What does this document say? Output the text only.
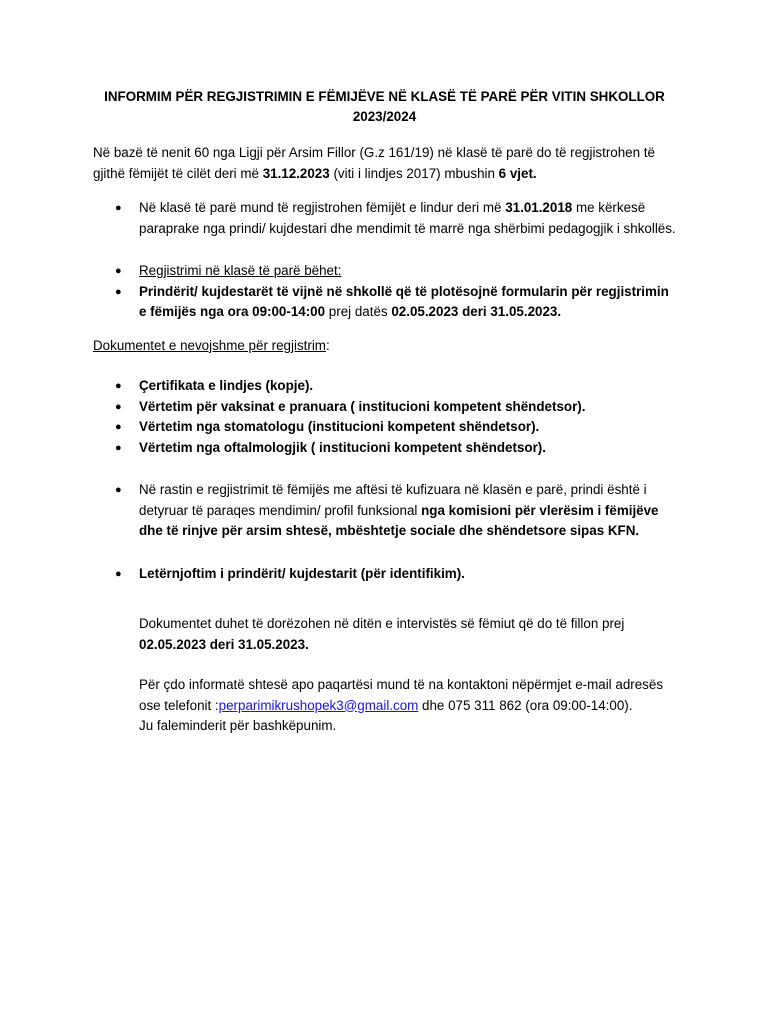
INFORMIM PËR REGJISTRIMIN E FËMIJËVE NË KLASË TË PARË PËR VITIN SHKOLLOR
2023/2024

Në bazë të nenit 60 nga Ligji për Arsim Fillor (G.z 161/19) në klasë të parë do të regjistrohen të gjithë fëmijët të cilët deri më 31.12.2023 (viti i lindjes 2017) mbushin 6 vjet.

● Në klasë të parë mund të regjistrohen fëmijët e lindur deri më 31.01.2018 me kërkesë paraprake nga prindi/ kujdestari dhe mendimit të marrë nga shërbimi pedagogjik i shkollës.
● Regjistrimi në klasë të parë bëhet:
● Prindërit/ kujdestarët të vijnë në shkollë që të plotësojnë formularin për regjistrimin e fëmijës nga ora 09:00-14:00 prej datës 02.05.2023 deri 31.05.2023.

Dokumentet e nevojshme për regjistrim:

● Çertifikata e lindjes (kopje).
● Vërtetim për vaksinat e pranuara ( institucioni kompetent shëndetsor).
● Vërtetim nga stomatologu (institucioni kompetent shëndetsor).
● Vërtetim nga oftalmologjik ( institucioni kompetent shëndetsor).
● Në rastin e regjistrimit të fëmijës me aftësi të kufizuara në klasën e parë, prindi është i detyruar të paraqes mendimin/ profil funksional nga komisioni për vlerësim i fëmijëve dhe të rinjve për arsim shtesë, mbështetje sociale dhe shëndetsore sipas KFN.
● Letërnjoftim i prindërit/ kujdestarit (për identifikim).

Dokumentet duhet të dorëzohen në ditën e intervistës së fëmiut që do të fillon prej 02.05.2023 deri 31.05.2023.

Për çdo informatë shtesë apo paqartësi mund të na kontaktoni nëpërmjet e-mail adresës ose telefonit :perparimikrushopek3@gmail.com dhe 075 311 862 (ora 09:00-14:00).

Ju faleminderit për bashkëpunim.
